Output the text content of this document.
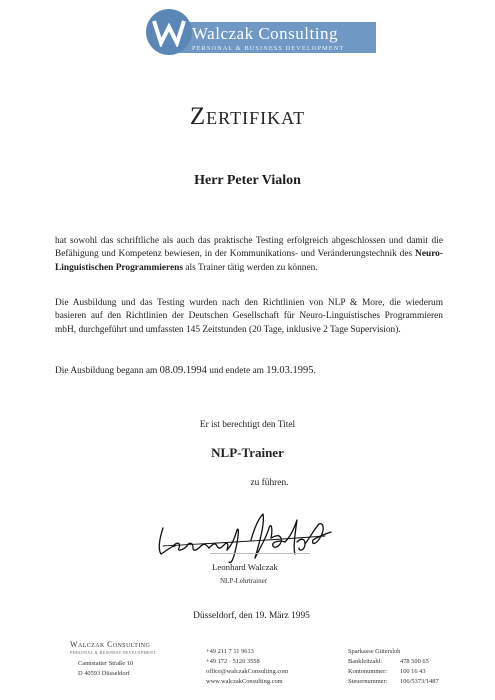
Walczak Consulting
PERSONAL & BUSINESS DEVELOPMENT
Zertifikat
Herr Peter Vialon
hat sowohl das schriftliche als auch das praktische Testing erfolgreich abgeschlossen und damit die Befähigung und Kompetenz bewiesen, in der Kommunikations- und Veränderungstechnik des Neuro-Linguistischen Programmierens als Trainer tätig werden zu können.
Die Ausbildung und das Testing wurden nach den Richtlinien von NLP & More, die wiederum basieren auf den Richtlinien der Deutschen Gesellschaft für Neuro-Linguistisches Programmieren mbH, durchgeführt und umfassten 145 Zeitstunden (20 Tage, inklusive 2 Tage Supervision).
Die Ausbildung begann am 08.09.1994 und endete am 19.03.1995.
Er ist berechtigt den Titel
NLP-Trainer
zu führen.
Leonhard Walczak
NLP-Lehrtrainer
Düsseldorf, den 19. März 1995
Walczak Consulting
PERSONAL & BUSINESS DEVELOPMENT
Cannstatter Straße 10
D 40593 Düsseldorf
+49 211 7 11 9613
+49 172 · 5120 3558
office@walczakConsulting.com
www.walczakConsulting.com
Sparkasse Gütersloh
Bankleitzahl:	478 500 65
Kontonummer: 100 16 43
Steuernummer: 106/5373/1487
